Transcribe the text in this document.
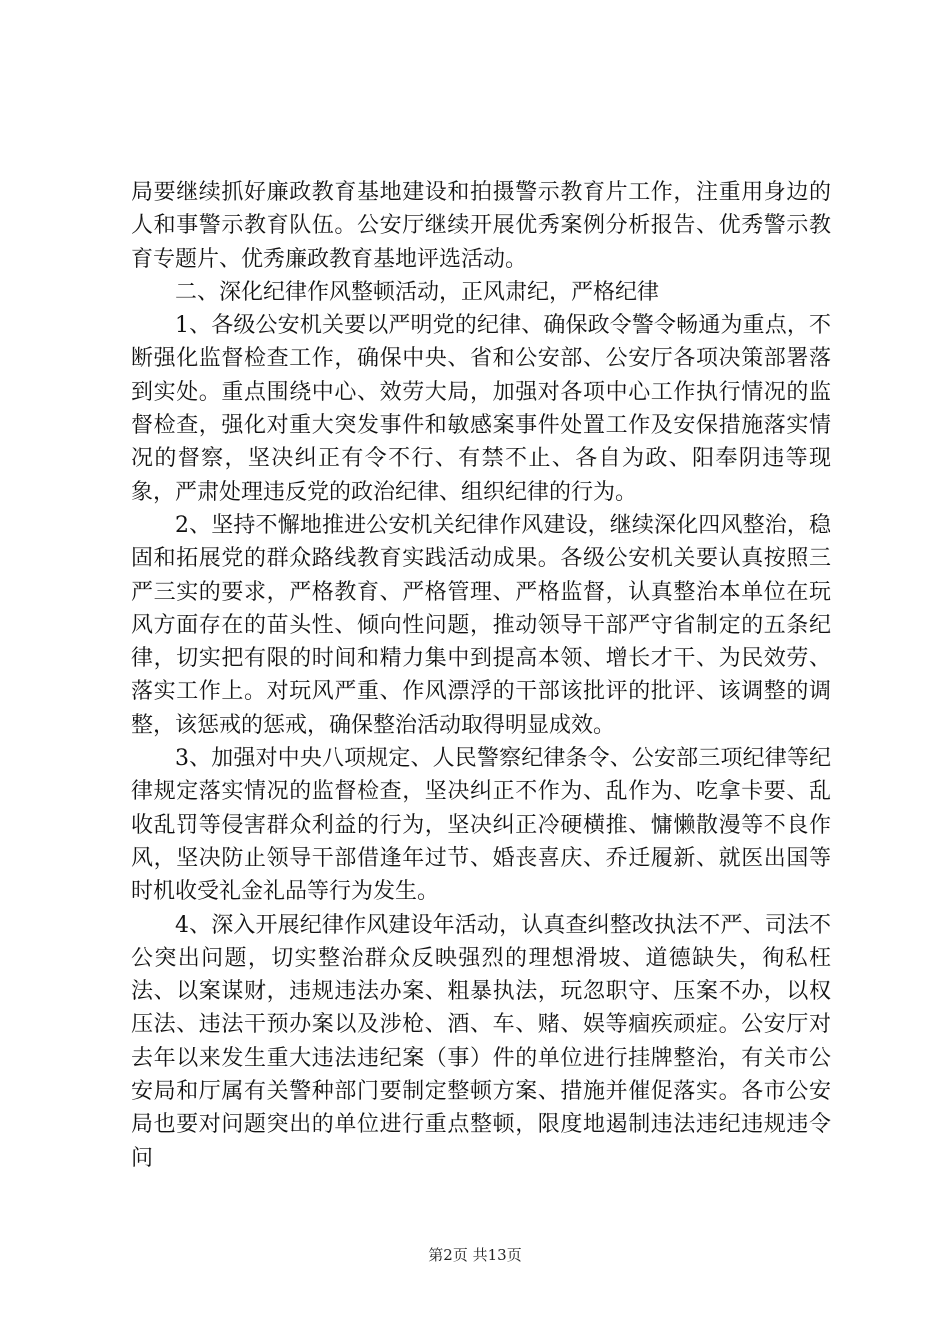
局要继续抓好廉政教育基地建设和拍摄警示教育片工作，注重用身边的人和事警示教育队伍。公安厅继续开展优秀案例分析报告、优秀警示教育专题片、优秀廉政教育基地评选活动。

二、深化纪律作风整顿活动，正风肃纪，严格纪律

1、各级公安机关要以严明党的纪律、确保政令警令畅通为重点，不断强化监督检查工作，确保中央、省和公安部、公安厅各项决策部署落到实处。重点围绕中心、效劳大局，加强对各项中心工作执行情况的监督检查，强化对重大突发事件和敏感案事件处置工作及安保措施落实情况的督察，坚决纠正有令不行、有禁不止、各自为政、阳奉阴违等现象，严肃处理违反党的政治纪律、组织纪律的行为。

2、坚持不懈地推进公安机关纪律作风建设，继续深化四风整治，稳固和拓展党的群众路线教育实践活动成果。各级公安机关要认真按照三严三实的要求，严格教育、严格管理、严格监督，认真整治本单位在玩风方面存在的苗头性、倾向性问题，推动领导干部严守省制定的五条纪律，切实把有限的时间和精力集中到提高本领、增长才干、为民效劳、落实工作上。对玩风严重、作风漂浮的干部该批评的批评、该调整的调整，该惩戒的惩戒，确保整治活动取得明显成效。

3、加强对中央八项规定、人民警察纪律条令、公安部三项纪律等纪律规定落实情况的监督检查，坚决纠正不作为、乱作为、吃拿卡要、乱收乱罚等侵害群众利益的行为，坚决纠正冷硬横推、慵懒散漫等不良作风，坚决防止领导干部借逢年过节、婚丧喜庆、乔迁履新、就医出国等时机收受礼金礼品等行为发生。

4、深入开展纪律作风建设年活动，认真查纠整改执法不严、司法不公突出问题，切实整治群众反映强烈的理想滑坡、道德缺失，徇私枉法、以案谋财，违规违法办案、粗暴执法，玩忽职守、压案不办，以权压法、违法干预办案以及涉枪、酒、车、赌、娱等痼疾顽症。公安厅对去年以来发生重大违法违纪案（事）件的单位进行挂牌整治，有关市公安局和厅属有关警种部门要制定整顿方案、措施并催促落实。各市公安局也要对问题突出的单位进行重点整顿，限度地遏制违法违纪违规违令问

第2页 共13页
